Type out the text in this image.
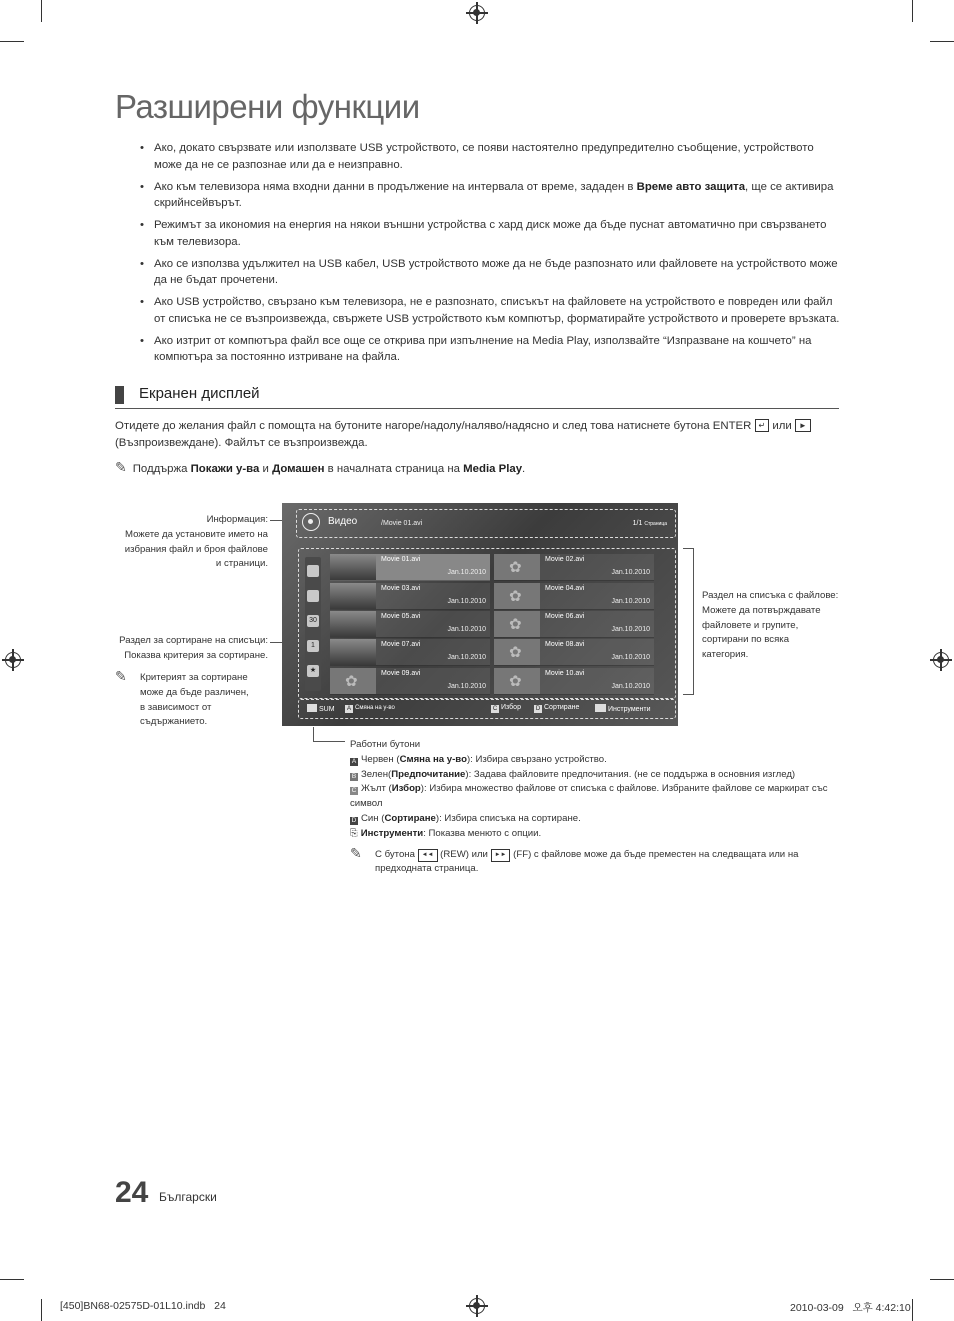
Разширени функции
• Ако, докато свързвате или използвате USB устройството, се появи настоятелно предупредително съобщение, устройството може да не се разпознае или да е неизправно.
• Ако към телевизора няма входни данни в продължение на интервала от време, зададен в Време авто защита, ще се активира скрийнсейвърът.
• Режимът за икономия на енергия на някои външни устройства с хард диск може да бъде пуснат автоматично при свързването към телевизора.
• Ако се използва удължител на USB кабел, USB устройството може да не бъде разпознато или файловете на устройството може да не бъдат прочетени.
• Ако USB устройство, свързано към телевизора, не е разпознато, списъкът на файловете на устройството е повреден или файл от списъка не се възпроизвежда, свържете USB устройството към компютър, форматирайте устройството и проверете връзката.
• Ако изтрит от компютъра файл все още се открива при изпълнение на Media Play, използвайте “Изпразване на кошчето” на компютъра за постоянно изтриване на файла.
Екранен дисплей
Отидете до желания файл с помощта на бутоните нагоре/надолу/наляво/надясно и след това натиснете бутона ENTER ↵ или ► (Възпроизвеждане). Файлът се възпроизвежда.
✎ Поддържа Покажи у-ва и Домашен в началната страница на Media Play.
Информация:
Можете да установите името на
избрания файл и броя файлове
и страници.
Раздел за сортиране на списъци:
Показва критерия за сортиране.
✎ Критерият за сортиране
може да бъде различен,
в зависимост от
съдържанието.
Видео	/Movie 01.avi	1/1 Страница
30
1
★
Movie 01.avi
Jan.10.2010
✿
Movie 02.avi
Jan.10.2010
Movie 03.avi
Jan.10.2010
✿
Movie 04.avi
Jan.10.2010
Movie 05.avi
Jan.10.2010
✿
Movie 06.avi
Jan.10.2010
Movie 07.avi
Jan.10.2010
✿
Movie 08.avi
Jan.10.2010
✿
Movie 09.avi
Jan.10.2010
✿
Movie 10.avi
Jan.10.2010
SUM	A Смяна на у-во	C Избор	D Сортиране	Инструменти
Раздел на списъка с файлове:
Можете да потвърждавате
файловете и групите,
сортирани по всяка
категория.
Работни бутони
A Червен (Смяна на у-во): Избира свързано устройство.
B Зелен(Предпочитание): Задава файловите предпочитания. (не се поддържа в основния изглед)
C Жълт (Избор): Избира множество файлове от списъка с файлове. Избраните файлове се маркират със символ
D Син (Сортиране): Избира списъка на сортиране.
⎘ Инструменти: Показва менюто с опции.
✎ С бутона ◄◄ (REW) или ►► (FF) с файлове може да бъде преместен на следващата или на предходната страница.
24 Български
[450]BN68-02575D-01L10.indb   24	2010-03-09   오후 4:42:10
